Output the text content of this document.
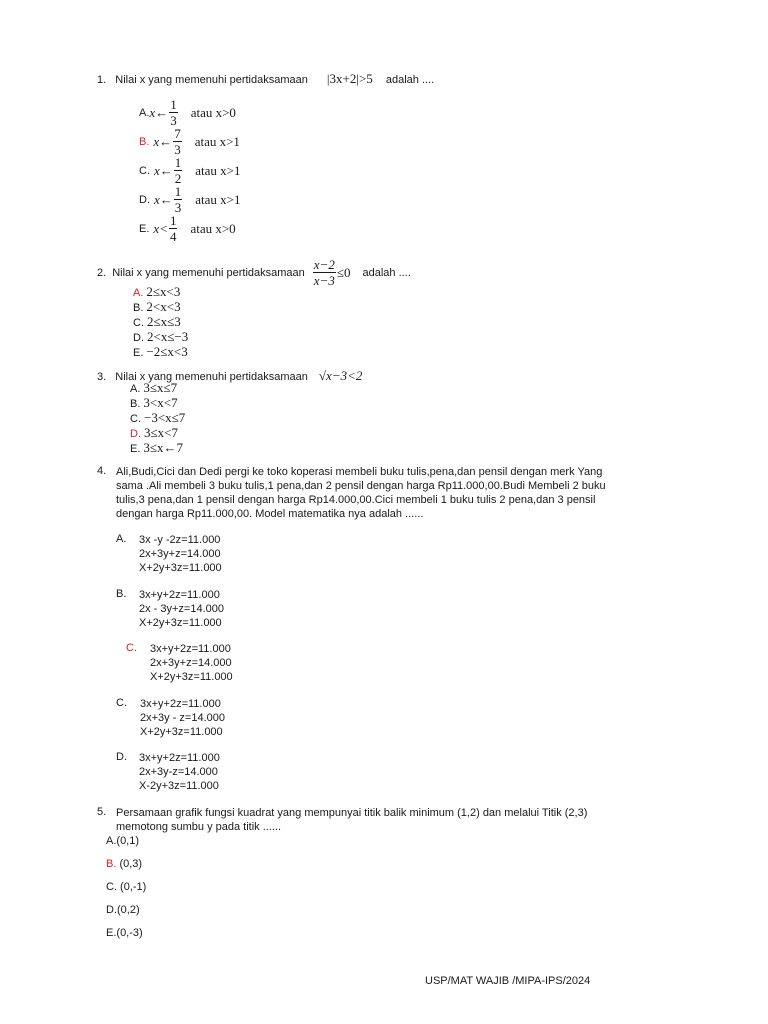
1. Nilai x yang memenuhi pertidaksamaan |3x+2|>5 adalah ....
A. x← $\frac{1}{3}$ atau x>0
B. x← $\frac{7}{3}$ atau x>1
C. x← $\frac{1}{2}$ atau x>1
D. x← $\frac{1}{3}$ atau x>1
E. $x< \frac{1}{4}$ atau x>0
2. Nilai x yang memenuhi pertidaksamaan $\frac{x-2}{x-3} \le 0$ adalah ....
A. 2≤x<3
B. 2<x<3
C. 2≤x≤3
D. 2<x≤−3
E. −2≤x<3
3. Nilai x yang memenuhi pertidaksamaan √x−3<2
A. 3≤x≤7
B. 3<x<7
C. −3<x≤7
D. 3≤x<7
E. 3≤x←7
4. Ali,Budi,Cici dan Dedi pergi ke toko koperasi membeli buku tulis,pena,dan pensil dengan merk Yang
sama .Ali membeli 3 buku tulis,1 pena,dan 2 pensil dengan harga Rp11.000,00.Budi Membeli 2 buku
tulis,3 pena,dan 1 pensil dengan harga Rp14.000,00.Cici membeli 1 buku tulis 2 pena,dan 3 pensil
dengan harga Rp11.000,00. Model matematika nya adalah ......
A.	3x -y -2z=11.000
2x+3y+z=14.000
X+2y+3z=11.000
B.	3x+y+2z=11.000
2x - 3y+z=14.000
X+2y+3z=11.000
C.	3x+y+2z=11.000
2x+3y+z=14.000
X+2y+3z=11.000
C.	3x+y+2z=11.000
2x+3y - z=14.000
X+2y+3z=11.000
D.	3x+y+2z=11.000
2x+3y-z=14.000
X-2y+3z=11.000
5. Persamaan grafik fungsi kuadrat yang mempunyai titik balik minimum (1,2) dan melalui Titik (2,3)
memotong sumbu y pada titik ......
A.(0,1)
B. (0,3)
C. (0,-1)
D.(0,2)
E.(0,-3)
USP/MAT WAJIB /MIPA-IPS/2024
